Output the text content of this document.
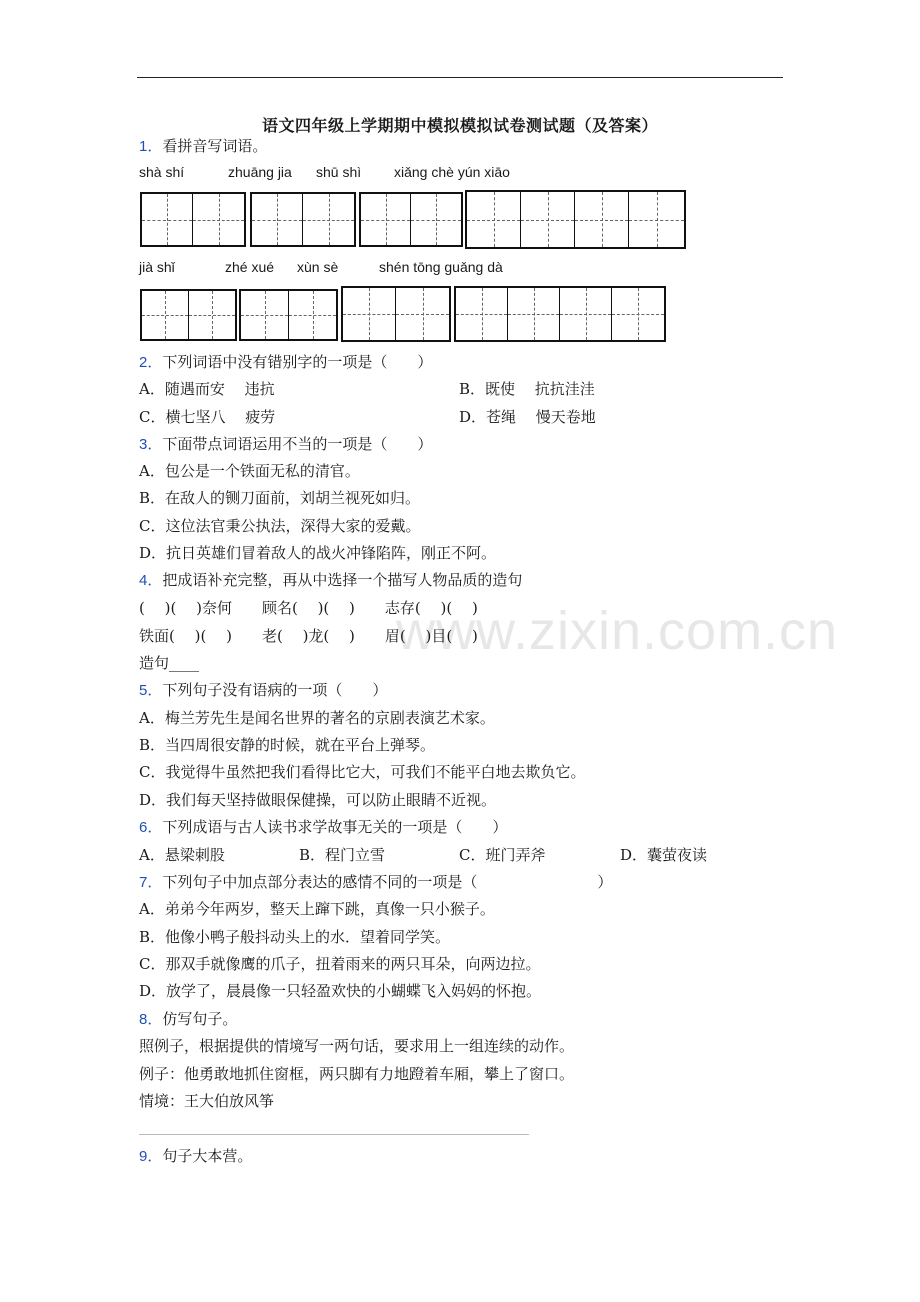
www.zixin.com.cn
语文四年级上学期期中模拟模拟试卷测试题（及答案）
1．看拼音写词语。
shà shí	zhuāng jia shū shì xiǎng chè yún xiāo
jià shǐ	zhé xué xùn sè	shén tōng guǎng dà
2．下列词语中没有错别字的一项是（　　）
A．随遇而安　 违抗	B．既使　 抗抗洼洼
C．横七坚八　 疲劳	D．苍绳　 慢天卷地
3．下面带点词语运用不当的一项是（　　）
A．包公是一个铁面无私的清官。
B．在敌人的铡刀面前，刘胡兰视死如归。
C．这位法官秉公执法，深得大家的爱戴。
D．抗日英雄们冒着敌人的战火冲锋陷阵，刚正不阿。
4．把成语补充完整，再从中选择一个描写人物品质的造句
(　 )(　 )奈何　　顾名(　 )(　 )　　志存(　 )(　 )
铁面(　 )(　 )　　老(　 )龙(　 )　　眉(　 )目(　 )
造句____
5．下列句子没有语病的一项（　　）
A．梅兰芳先生是闻名世界的著名的京剧表演艺术家。
B．当四周很安静的时候，就在平台上弹琴。
C．我觉得牛虽然把我们看得比它大，可我们不能平白地去欺负它。
D．我们每天坚持做眼保健操，可以防止眼睛不近视。
6．下列成语与古人读书求学故事无关的一项是（　　）
A．悬梁刺股	B．程门立雪	C．班门弄斧	D．囊萤夜读
7．下列句子中加点部分表达的感情不同的一项是（　　　　　　　　）
A．弟弟今年两岁，整天上蹿下跳，真像一只小猴子。
B．他像小鸭子般抖动头上的水．望着同学笑。
C．那双手就像鹰的爪子，扭着雨来的两只耳朵，向两边拉。
D．放学了，晨晨像一只轻盈欢快的小蝴蝶飞入妈妈的怀抱。
8．仿写句子。
照例子，根据提供的情境写一两句话，要求用上一组连续的动作。
例子：他勇敢地抓住窗框，两只脚有力地蹬着车厢，攀上了窗口。
情境：王大伯放风筝
9．句子大本营。
